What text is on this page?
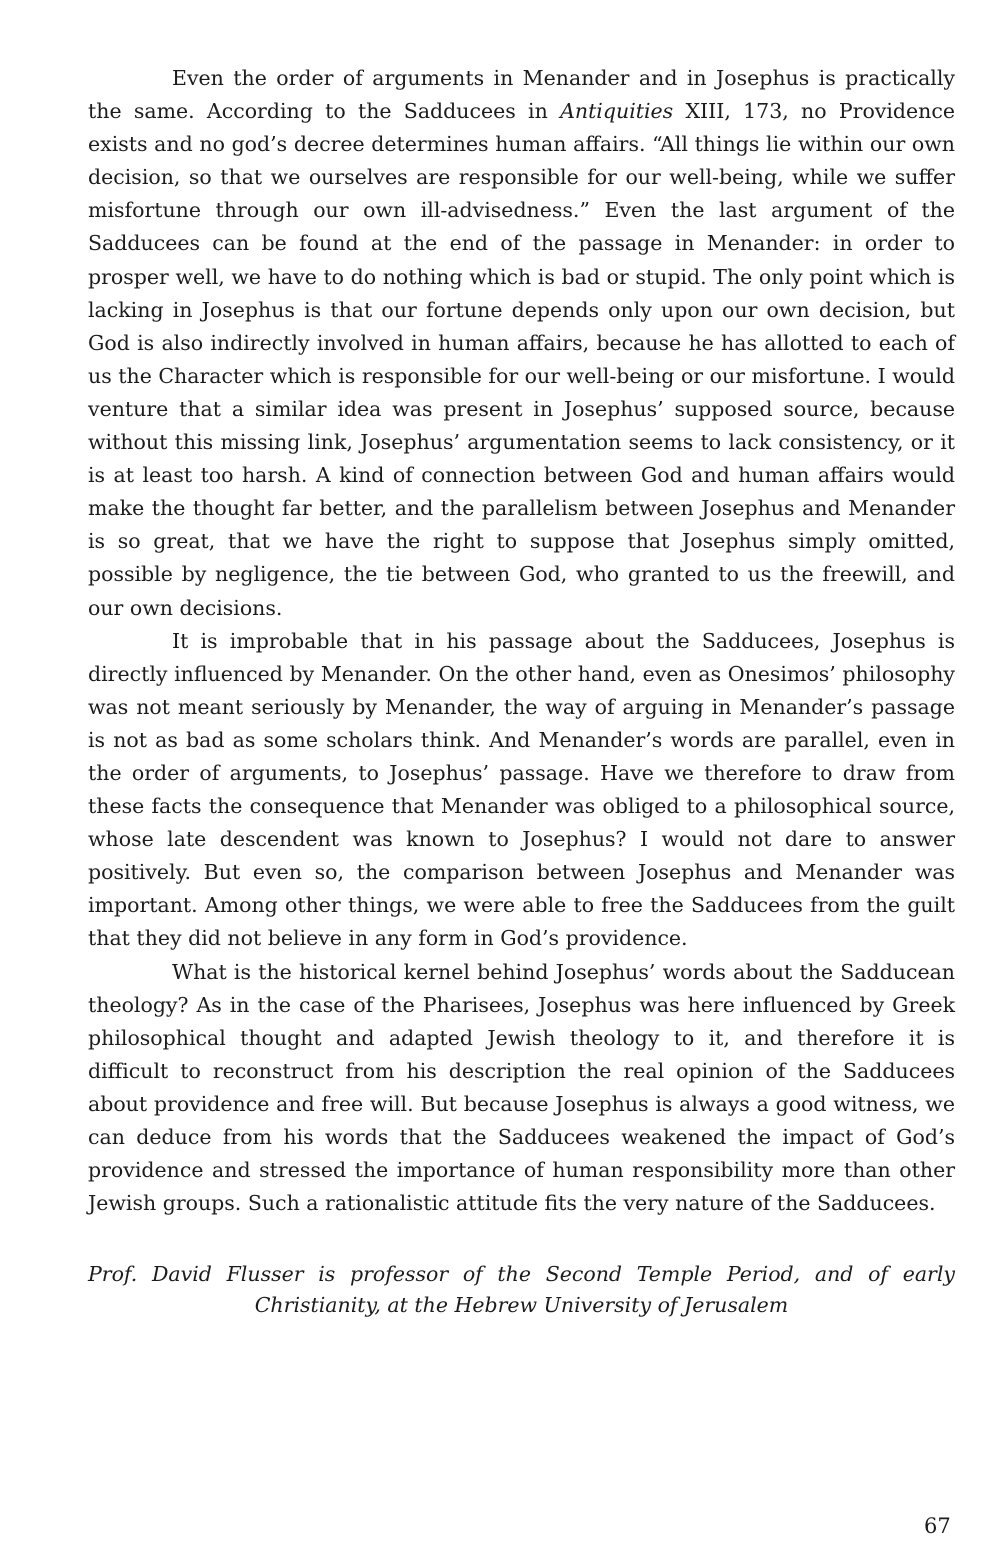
Even the order of arguments in Menander and in Josephus is practically the same. According to the Sadducees in Antiquities XIII, 173, no Providence exists and no god’s decree determines human affairs. “All things lie within our own decision, so that we ourselves are responsible for our well-being, while we suffer misfortune through our own ill-advisedness.” Even the last argument of the Sadducees can be found at the end of the passage in Menander: in order to prosper well, we have to do nothing which is bad or stupid. The only point which is lacking in Josephus is that our fortune depends only upon our own decision, but God is also indirectly involved in human affairs, because he has allotted to each of us the Character which is responsible for our well-being or our misfortune. I would venture that a similar idea was present in Josephus’ supposed source, because without this missing link, Josephus’ argumentation seems to lack consistency, or it is at least too harsh. A kind of connection between God and human affairs would make the thought far better, and the parallelism between Josephus and Menander is so great, that we have the right to suppose that Josephus simply omitted, possible by negligence, the tie between God, who granted to us the freewill, and our own decisions.

It is improbable that in his passage about the Sadducees, Josephus is directly influenced by Menander. On the other hand, even as Onesimos’ philosophy was not meant seriously by Menander, the way of arguing in Menander’s passage is not as bad as some scholars think. And Menander’s words are parallel, even in the order of arguments, to Josephus’ passage. Have we therefore to draw from these facts the consequence that Menander was obliged to a philosophical source, whose late descendent was known to Josephus? I would not dare to answer positively. But even so, the comparison between Josephus and Menander was important. Among other things, we were able to free the Sadducees from the guilt that they did not believe in any form in God’s providence.

What is the historical kernel behind Josephus’ words about the Sadducean theology? As in the case of the Pharisees, Josephus was here influenced by Greek philosophical thought and adapted Jewish theology to it, and therefore it is difficult to reconstruct from his description the real opinion of the Sadducees about providence and free will. But because Josephus is always a good witness, we can deduce from his words that the Sadducees weakened the impact of God’s providence and stressed the importance of human responsibility more than other Jewish groups. Such a rationalistic attitude fits the very nature of the Sadducees.

Prof. David Flusser is professor of the Second Temple Period, and of early
Christianity, at the Hebrew University of Jerusalem
67
